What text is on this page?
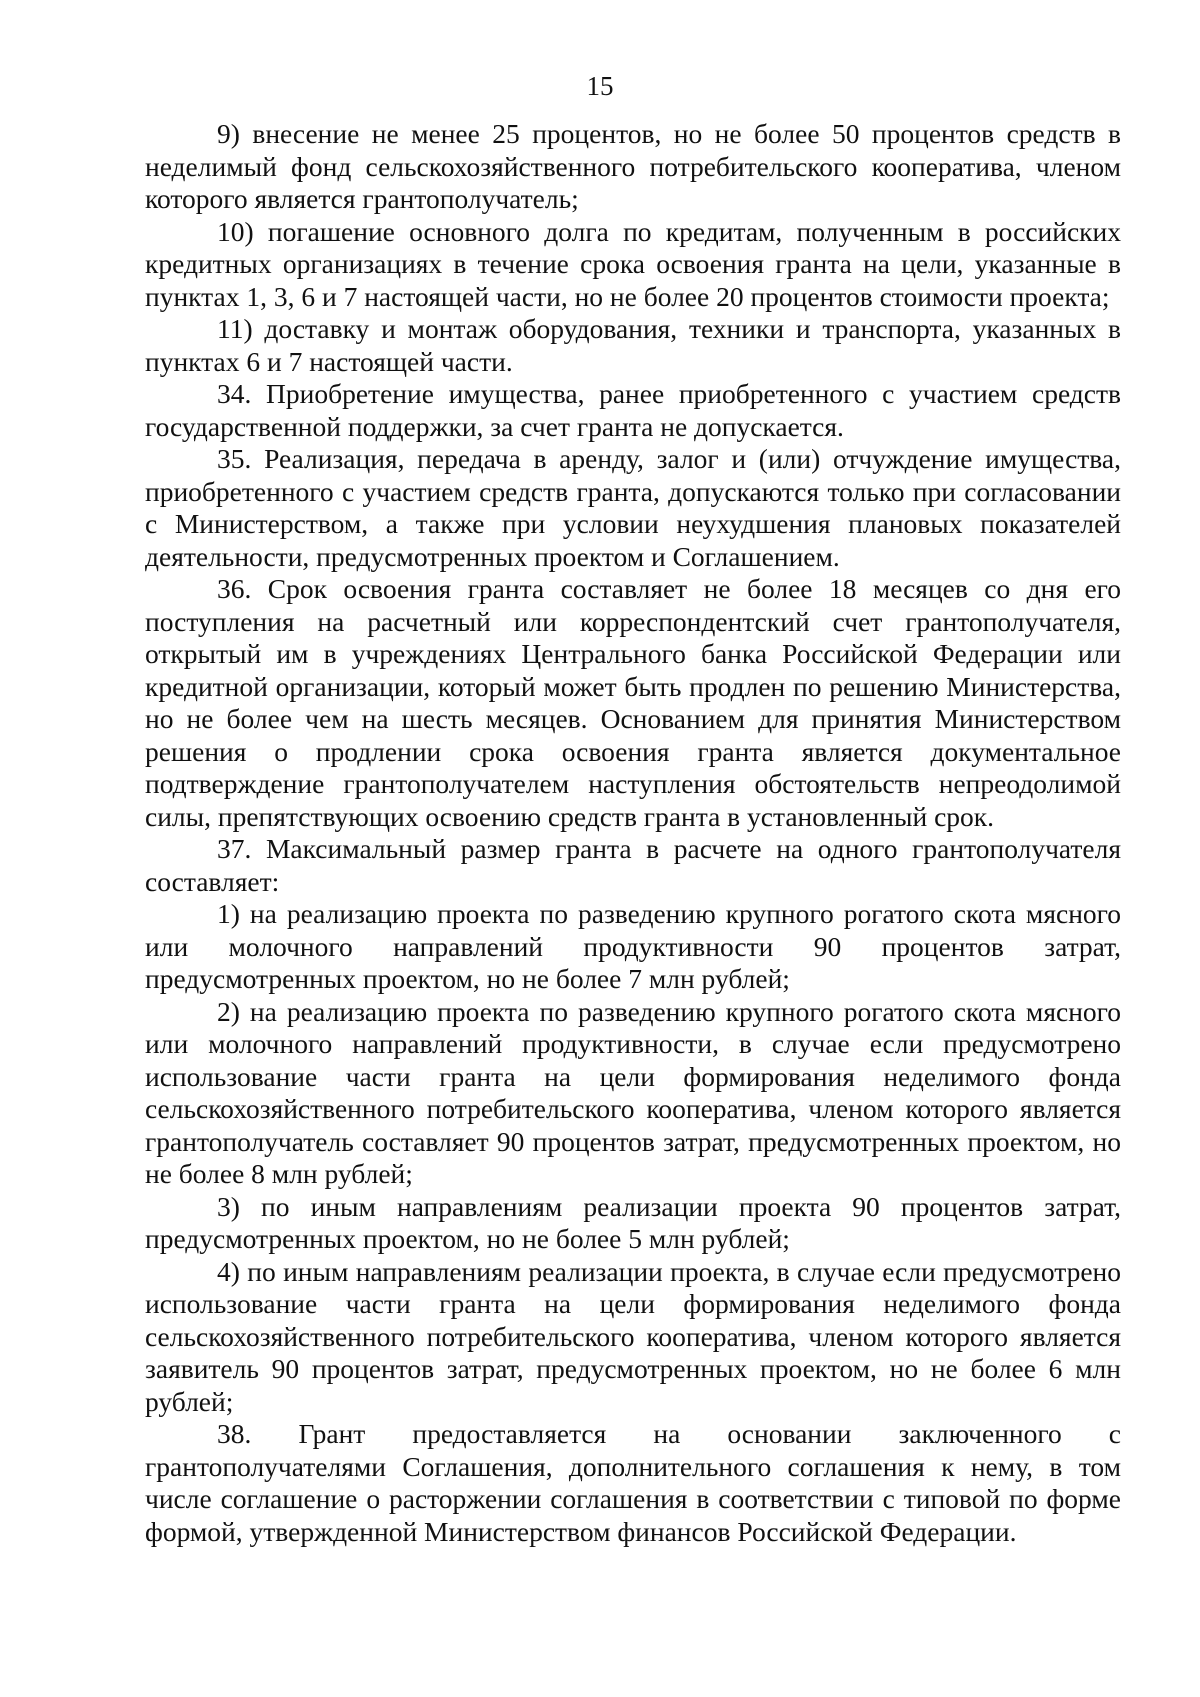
15

9) внесение не менее 25 процентов, но не более 50 процентов средств в неделимый фонд сельскохозяйственного потребительского кооператива, членом которого является грантополучатель;

10) погашение основного долга по кредитам, полученным в российских кредитных организациях в течение срока освоения гранта на цели, указанные в пунктах 1, 3, 6 и 7 настоящей части, но не более 20 процентов стоимости проекта;

11) доставку и монтаж оборудования, техники и транспорта, указанных в пунктах 6 и 7 настоящей части.

34. Приобретение имущества, ранее приобретенного с участием средств государственной поддержки, за счет гранта не допускается.

35. Реализация, передача в аренду, залог и (или) отчуждение имущества, приобретенного с участием средств гранта, допускаются только при согласовании с Министерством, а также при условии неухудшения плановых показателей деятельности, предусмотренных проектом и Соглашением.

36. Срок освоения гранта составляет не более 18 месяцев со дня его поступления на расчетный или корреспондентский счет грантополучателя, открытый им в учреждениях Центрального банка Российской Федерации или кредитной организации, который может быть продлен по решению Министерства, но не более чем на шесть месяцев. Основанием для принятия Министерством решения о продлении срока освоения гранта является документальное подтверждение грантополучателем наступления обстоятельств непреодолимой силы, препятствующих освоению средств гранта в установленный срок.

37. Максимальный размер гранта в расчете на одного грантополучателя составляет:

1) на реализацию проекта по разведению крупного рогатого скота мясного или молочного направлений продуктивности 90 процентов затрат, предусмотренных проектом, но не более 7 млн рублей;

2) на реализацию проекта по разведению крупного рогатого скота мясного или молочного направлений продуктивности, в случае если предусмотрено использование части гранта на цели формирования неделимого фонда сельскохозяйственного потребительского кооператива, членом которого является грантополучатель составляет 90 процентов затрат, предусмотренных проектом, но не более 8 млн рублей;

3) по иным направлениям реализации проекта 90 процентов затрат, предусмотренных проектом, но не более 5 млн рублей;

4) по иным направлениям реализации проекта, в случае если предусмотрено использование части гранта на цели формирования неделимого фонда сельскохозяйственного потребительского кооператива, членом которого является заявитель 90 процентов затрат, предусмотренных проектом, но не более 6 млн рублей;

38. Грант предоставляется на основании заключенного с грантополучателями Соглашения, дополнительного соглашения к нему, в том числе соглашение о расторжении соглашения в соответствии с типовой по форме формой, утвержденной Министерством финансов Российской Федерации.
